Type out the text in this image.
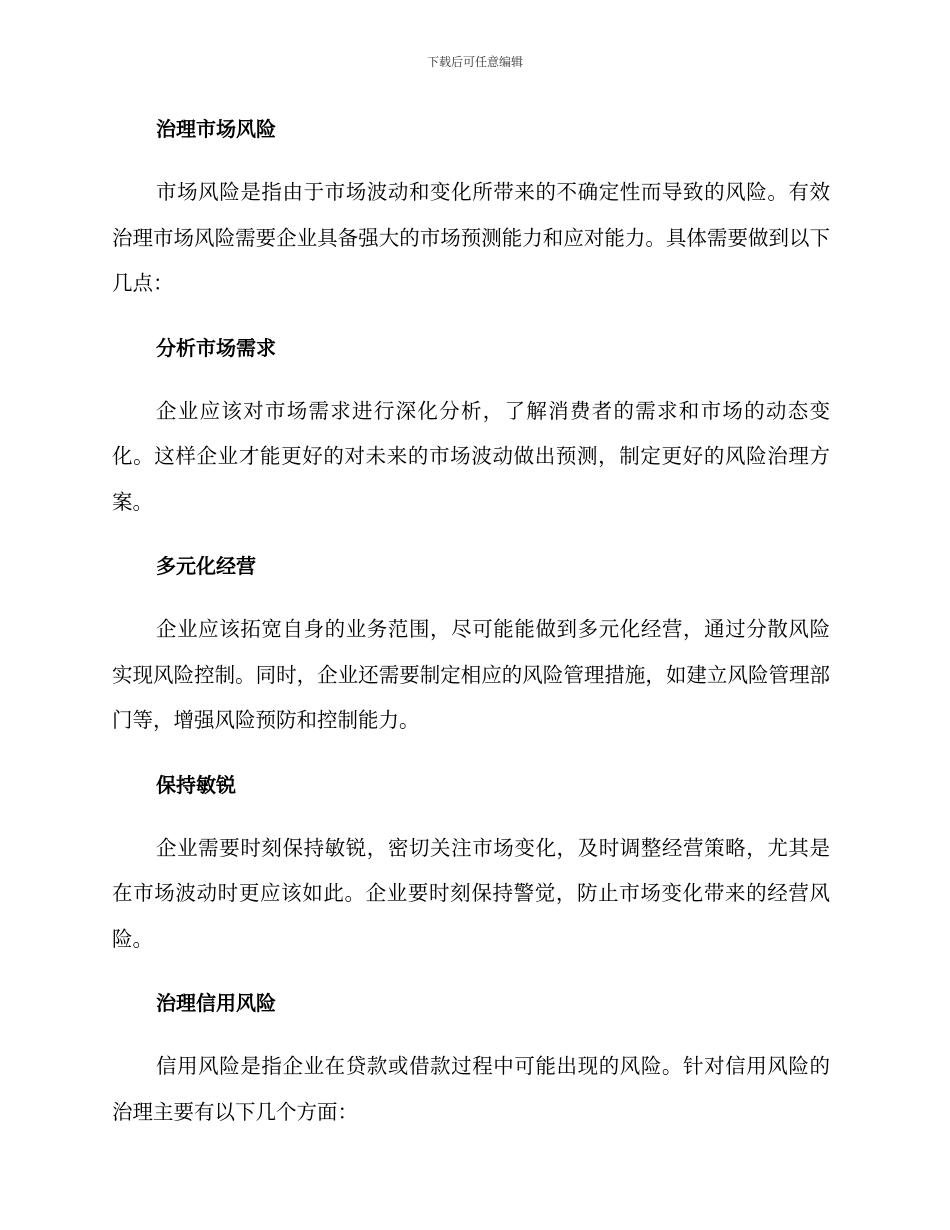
下载后可任意编辑
治理市场风险

市场风险是指由于市场波动和变化所带来的不确定性而导致的风险。有效治理市场风险需要企业具备强大的市场预测能力和应对能力。具体需要做到以下几点：

分析市场需求

企业应该对市场需求进行深化分析，了解消费者的需求和市场的动态变化。这样企业才能更好的对未来的市场波动做出预测，制定更好的风险治理方案。

多元化经营

企业应该拓宽自身的业务范围，尽可能能做到多元化经营，通过分散风险实现风险控制。同时，企业还需要制定相应的风险管理措施，如建立风险管理部门等，增强风险预防和控制能力。

保持敏锐

企业需要时刻保持敏锐，密切关注市场变化，及时调整经营策略，尤其是在市场波动时更应该如此。企业要时刻保持警觉，防止市场变化带来的经营风险。

治理信用风险

信用风险是指企业在贷款或借款过程中可能出现的风险。针对信用风险的治理主要有以下几个方面：
